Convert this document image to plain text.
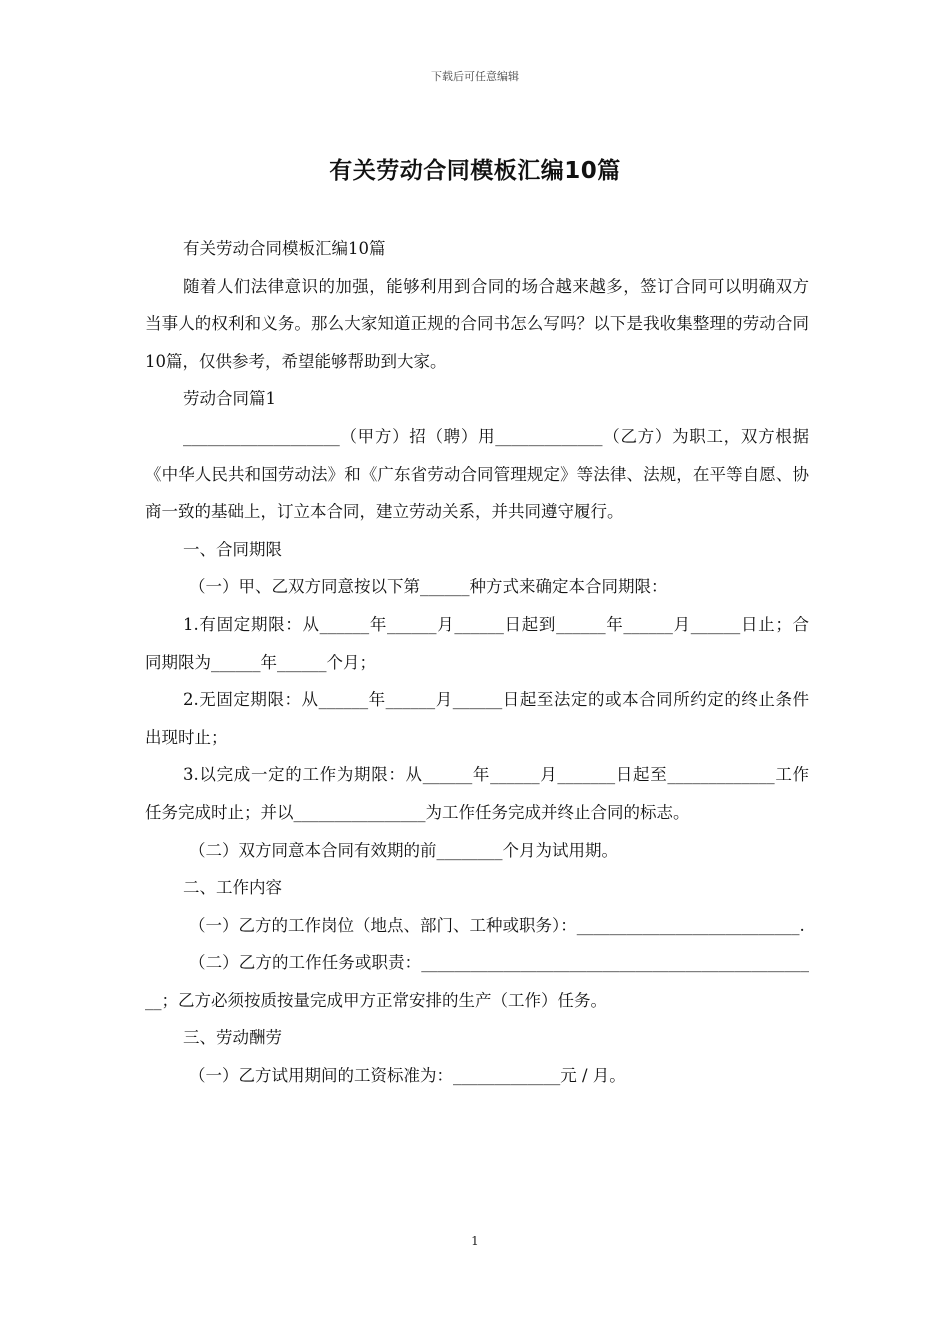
下载后可任意编辑
有关劳动合同模板汇编10篇

有关劳动合同模板汇编10篇

随着人们法律意识的加强，能够利用到合同的场合越来越多，签订合同可以明确双方当事人的权利和义务。那么大家知道正规的合同书怎么写吗？以下是我收集整理的劳动合同10篇，仅供参考，希望能够帮助到大家。

劳动合同篇1

___________________（甲方）招（聘）用_____________（乙方）为职工，双方根据《中华人民共和国劳动法》和《广东省劳动合同管理规定》等法律、法规，在平等自愿、协商一致的基础上，订立本合同，建立劳动关系，并共同遵守履行。

一、合同期限

（一）甲、乙双方同意按以下第______种方式来确定本合同期限：

1.有固定期限：从______年______月______日起到______年______月______日止；合同期限为______年______个月；

2.无固定期限：从______年______月______日起至法定的或本合同所约定的终止条件出现时止；

3.以完成一定的工作为期限：从______年______月_______日起至_____________工作任务完成时止；并以________________为工作任务完成并终止合同的标志。

（二）双方同意本合同有效期的前________个月为试用期。

二、工作内容

（一）乙方的工作岗位（地点、部门、工种或职务）：___________________________.

（二）乙方的工作任务或职责：_________________________________________________；乙方必须按质按量完成甲方正常安排的生产（工作）任务。

三、劳动酬劳

（一）乙方试用期间的工资标准为：_____________元 / 月。

1
